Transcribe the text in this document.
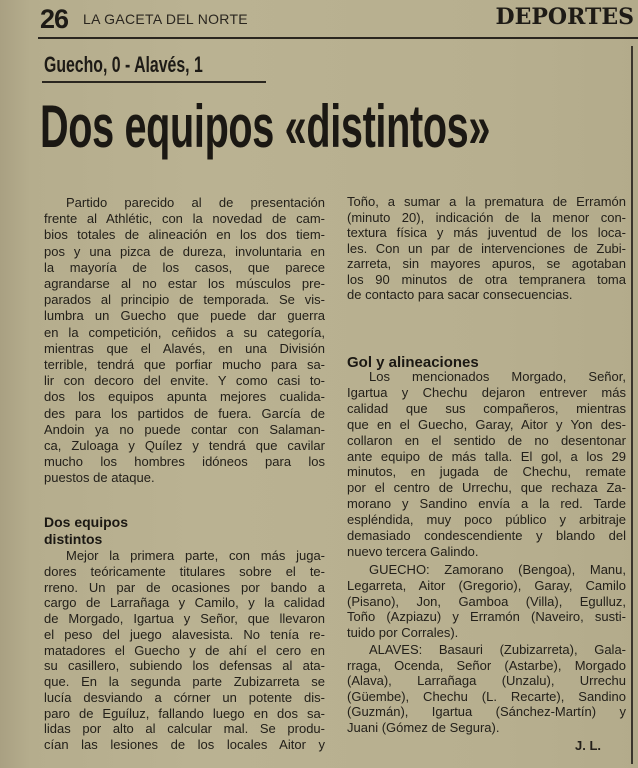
26 LA GACETA DEL NORTE	DEPORTES
Guecho, 0 - Alavés, 1
Dos equipos «distintos»
Partido parecido al de presentación
frente al Athlétic, con la novedad de cam-
bios totales de alineación en los dos tiem-
pos y una pizca de dureza, involuntaria en
la mayoría de los casos, que parece
agrandarse al no estar los músculos pre-
parados al principio de temporada. Se vis-
lumbra un Guecho que puede dar guerra
en la competición, ceñidos a su categoría,
mientras que el Alavés, en una División
terrible, tendrá que porfiar mucho para sa-
lir con decoro del envite. Y como casi to-
dos los equipos apunta mejores cualida-
des para los partidos de fuera. García de
Andoin ya no puede contar con Salaman-
ca, Zuloaga y Quílez y tendrá que cavilar
mucho los hombres idóneos para los
puestos de ataque.
Dos equipos
distintos
Mejor la primera parte, con más juga-
dores teóricamente titulares sobre el te-
rreno. Un par de ocasiones por bando a
cargo de Larrañaga y Camilo, y la calidad
de Morgado, Igartua y Señor, que llevaron
el peso del juego alavesista. No tenía re-
matadores el Guecho y de ahí el cero en
su casillero, subiendo los defensas al ata-
que. En la segunda parte Zubizarreta se
lucía desviando a córner un potente dis-
paro de Eguíluz, fallando luego en dos sa-
lidas por alto al calcular mal. Se produ-
cían las lesiones de los locales Aitor y
Toño, a sumar a la prematura de Erramón
(minuto 20), indicación de la menor con-
textura física y más juventud de los loca-
les. Con un par de intervenciones de Zubi-
zarreta, sin mayores apuros, se agotaban
los 90 minutos de otra tempranera toma
de contacto para sacar consecuencias.
Gol y alineaciones
Los mencionados Morgado, Señor,
Igartua y Chechu dejaron entrever más
calidad que sus compañeros, mientras
que en el Guecho, Garay, Aitor y Yon des-
collaron en el sentido de no desentonar
ante equipo de más talla. El gol, a los 29
minutos, en jugada de Chechu, remate
por el centro de Urrechu, que rechaza Za-
morano y Sandino envía a la red. Tarde
espléndida, muy poco público y arbitraje
demasiado condescendiente y blando del
nuevo tercera Galindo.
GUECHO: Zamorano (Bengoa), Manu,
Legarreta, Aitor (Gregorio), Garay, Camilo
(Pisano), Jon, Gamboa (Villa), Egulluz,
Toño (Azpiazu) y Erramón (Naveiro, susti-
tuido por Corrales).
ALAVES: Basauri (Zubizarreta), Gala-
rraga, Ocenda, Señor (Astarbe), Morgado
(Alava), Larrañaga (Unzalu), Urrechu
(Güembe), Chechu (L. Recarte), Sandino
(Guzmán), Igartua (Sánchez-Martín) y
Juani (Gómez de Segura).
J. L.
